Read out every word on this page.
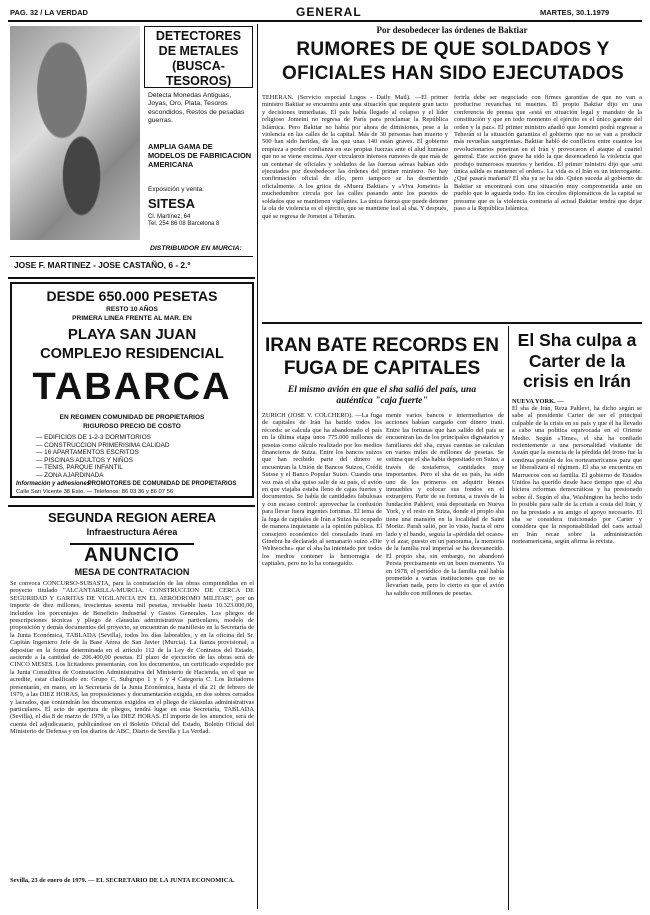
PAG. 32 / LA VERDAD	GENERAL	MARTES, 30.1.1979
DETECTORES DE METALES (BUSCA-TESOROS)
Detecta Monedas Antiguas, Joyas, Oro, Plata, Tesoros escondidos, Restos de pesadas guerras.
AMPLIA GAMA DE MODELOS DE FABRICACION AMERICANA
Exposición y venta:
SITESA
Cl. Martínez, 64
Tel. 254 86 08 Barcelona 8
DISTRIBUIDOR EN MURCIA:
JOSE F. MARTINEZ - JOSE CASTAÑO, 6 - 2.º
DESDE 650.000 PESETAS
RESTO 10 AÑOS
PRIMERA LINEA FRENTE AL MAR. EN
PLAYA SAN JUAN
COMPLEJO RESIDENCIAL
TABARCA
EN REGIMEN COMUNIDAD DE PROPIETARIOS
RIGUROSO PRECIO DE COSTO
— EDIFICIOS DE 1-2-3 DORMITORIOS
— CONSTRUCCION PRIMERISIMA CALIDAD
— 16 APARTAMENTOS ESCRITOS
— PISCINAS ADULTOS Y NIÑOS
— TENIS, PARQUE INFANTIL
— ZONA AJARDINADA
Información y adhesiones:
PROMOTORES DE COMUNIDAD DE PROPIETARIOS
Calle San Vicente 38 Esto. — Teléfonos: 86 03 36 y 86 07 56
SEGUNDA REGION AEREA
Infraestructura Aérea
ANUNCIO
MESA DE CONTRATACION
Se convoca CONCURSO-SUBASTA, para la contratación de las obras comprendidas en el proyecto titulado "ALCANTARILLA-MURCIA. CONSTRUCCION DE CERCA DE SEGURIDAD Y GARITAS DE VIGILANCIA EN EL AERODROMO MILITAR", por un importe de diez millones, trescientas sesenta mil pesetas, revisable hasta 10.323.000,00, incluidos los porcentajes de Beneficio Industrial y Gastos Generales. Los pliegos de prescripciones técnicas y pliego de cláusulas administrativas particulares, modelo de proposición y demás documentos del proyecto, se encuentran de manifiesto en la Secretaría de la Junta Económica, TABLADA (Sevilla), todos los días laborables, y en la oficina del Sr. Capitán Ingeniero Jefe de la Base Aérea de San Javier (Murcia). La fianza provisional, a depositar en la forma determinada en el artículo 112 de la Ley de Contratos del Estado, asciende a la cantidad de 206.400,00 pesetas. El plazo de ejecución de las obras será de CINCO MESES. Los licitadores presentarán, con los documentos, un certificado expedido por la Junta Consultiva de Contratación Administrativa del Ministerio de Hacienda, en el que se acredite, estar clasificado en: Grupo C, Subgrupo 1 y 6 y 4 Categoría C. Los licitadores presentarán, en mano, en la Secretaría de la Junta Económica, hasta el día 21 de febrero de 1979, a las DIEZ HORAS, las proposiciones y documentación exigida, en dos sobres cerrados y lacrados, que contendrán los documentos exigidos en el pliego de cláusulas administrativas particulares. El acto de apertura de pliegos, tendrá lugar en esta Secretaría, TABLADA (Sevilla), el día 8 de marzo de 1979, a las DIEZ HORAS. El importe de los anuncios, será de cuenta del adjudicatario, publicándose en el Boletín Oficial del Estado, Boletín Oficial del Ministerio de Defensa y en los diarios de ABC, Diario de Sevilla y La Verdad.
Sevilla, 23 de enero de 1979. — EL SECRETARIO DE LA JUNTA ECONOMICA.
Por desobedecer las órdenes de Baktiar
RUMORES DE QUE SOLDADOS Y OFICIALES HAN SIDO EJECUTADOS
TEHERAN. (Servicio especial Logos - Daily Mail). —El primer ministro Baktiar se encuentra ante una situación que requiere gran tacto y decisiones inmediatas. El país había llegado al colapso y el líder religioso Jomeini no regresa de París para proclamar la República Islámica. Pero Baktiar no había por ahora de dimisiones, pese a la violencia en las calles de la capital. Más de 30 personas han muerto y 500 han sido heridas, de las que unas 140 están graves. El gobierno empieza a perder confianza en sus propias fuerzas ante el alud humano que no se viene encima. Ayer circularon intensos rumores de que más de un centenar de oficiales y soldados de las fuerzas aéreas habían sido ejecutados por desobedecer las órdenes del primer ministro. No hay confirmación oficial de ello, pero tampoco se ha desmentido oficialmente. A los gritos de «Muera Baktiar» y «Viva Jomeini» la muchedumbre circula por las calles pasando ante los puestos de soldados que se mantienen vigilantes. La única fuerza que puede detener la ola de violencia es el ejército, que se mantiene leal al sha. Y después, qué se regresa de Jomeini a Teherán.
ferirla debe ser negociado con firmes garantías de que no van a producirse revanchas ni muertes. El propio Baktiar dijo en una conferencia de prensa que «está en situación legal y mandato de la constitución y que en todo momento el ejército es el único garante del orden y la paz». El primer ministro añadió que Jomeini podrá regresar a Teherán si la situación garantiza el gobierno que no se van a producir más revueltas sangrientas. Baktiar habló de conflictos entre cuantos los revolucionarios penetran en el Irán y provocaron el ataque al cuartel general. Este acción grave ha sido la que desencadenó la violencia que produjo numerosos muertos y heridos. El primer ministro dijo que «mi única salida es mantener el orden». La vida es el Irán es un interrogante. ¿Qué pasará mañana? El sha ya se ha ido. Quien suceda al gobierno de Baktiar se encontrará con una situación muy comprometida ante un pueblo que lo aguarda todo. En los círculos diplomáticos de la capital se presume que es la violencia contraria al actual Baktiar tendrá que dejar paso a la República Islámica.
IRAN BATE RECORDS EN FUGA DE CAPITALES
El mismo avión en que el sha salió del país, una auténtica "caja fuerte"
ZURICH (JOSE V. COLCHERO). —La fuga de capitales de Irán ha batido todos los récords: se calcula que ha abandonado el país en la última etapa unos 775.000 millones de pesetas como cálculo realizado por los medios financieros de Suiza. Entre los bancos suizos que han recibido parte del dinero se encuentran la Unión de Bancos Suizos, Crédit Suisse y el Banco Popular Suizo. Cuando una vez más el sha quiso salir de su país, el avión en que viajaba estaba lleno de cajas fuertes y documentos. Se habla de cantidades fabulosas y con escaso control: aprovechar la confusión para llevar fuera ingentes fortunas. El tema de la fuga de capitales de Irán a Suiza ha ocupado de manera inquietante a la opinión pública. El consejero económico del consulado iraní en Ginebra ha declarado al semanario suizo «Die Weltwoche» que el sha ha intentado por todos los medios contener la hemorragia de capitales, pero no lo ha conseguido.
mente varios bancos e intermediarios de acciones habían cargado con dinero iraní. Entre las fortunas que han salido del país se encuentran las de los principales dignatarios y familiares del sha, cuyas cuentas se calculan en varios miles de millones de pesetas. Se estima que el sha había depositado en Suiza, a través de testaferros, cantidades muy importantes. Pero el sha de su país, ha sido uno de los primeros en adquirir bienes inmuebles y colocar sus fondos en el extranjero. Parte de su fortuna, a través de la fundación Pahlevi, está depositada en Nueva York, y el resto en Suiza, donde el propio sha tiene una mansión en la localidad de Saint Moritz. Parah salió, por lo visto, hacia el otro lado y el bando, seguía la «pérdida del ocaso» y el azar, puesto en un panorama, la memoria de la familia real imperial se ha desvanecido. El propio sha, sin embargo, no abandonó Persia precisamente en un buen momento. Ya en 1978, el periódico de la familia real había prometido a varias instituciones que no se llevarían nada, pero lo cierto es que el avión ha salido con millones de pesetas.
El Sha culpa a Carter de la crisis en Irán
NUEVA YORK. —
El sha de Irán, Reza Pahlevi, ha dicho según se sabe al presidente Carter de ser el principal culpable de la crisis en su país y que él ha llevado a cabo una política equivocada en el Oriente Medio. Según «Time», el sha ha confiado recientemente a una personalidad visitante de Asuán que la esencia de la pérdida del trono fue la continua presión de los norteamericanos para que se liberalizara el régimen. El sha se encuentra en Marruecos con su familia. El gobierno de Estados Unidos ha querido desde hace tiempo que el sha hiciera reformas democráticas y ha presionado sobre él. Según el sha, Washington ha hecho todo lo posible para salir de la crisis a costa del Irán, y no ha prestado a su amigo el apoyo necesario. El sha se considera traicionado por Carter y considera que la responsabilidad del caos actual en Irán recae sobre la administración norteamericana, según afirma la revista.
